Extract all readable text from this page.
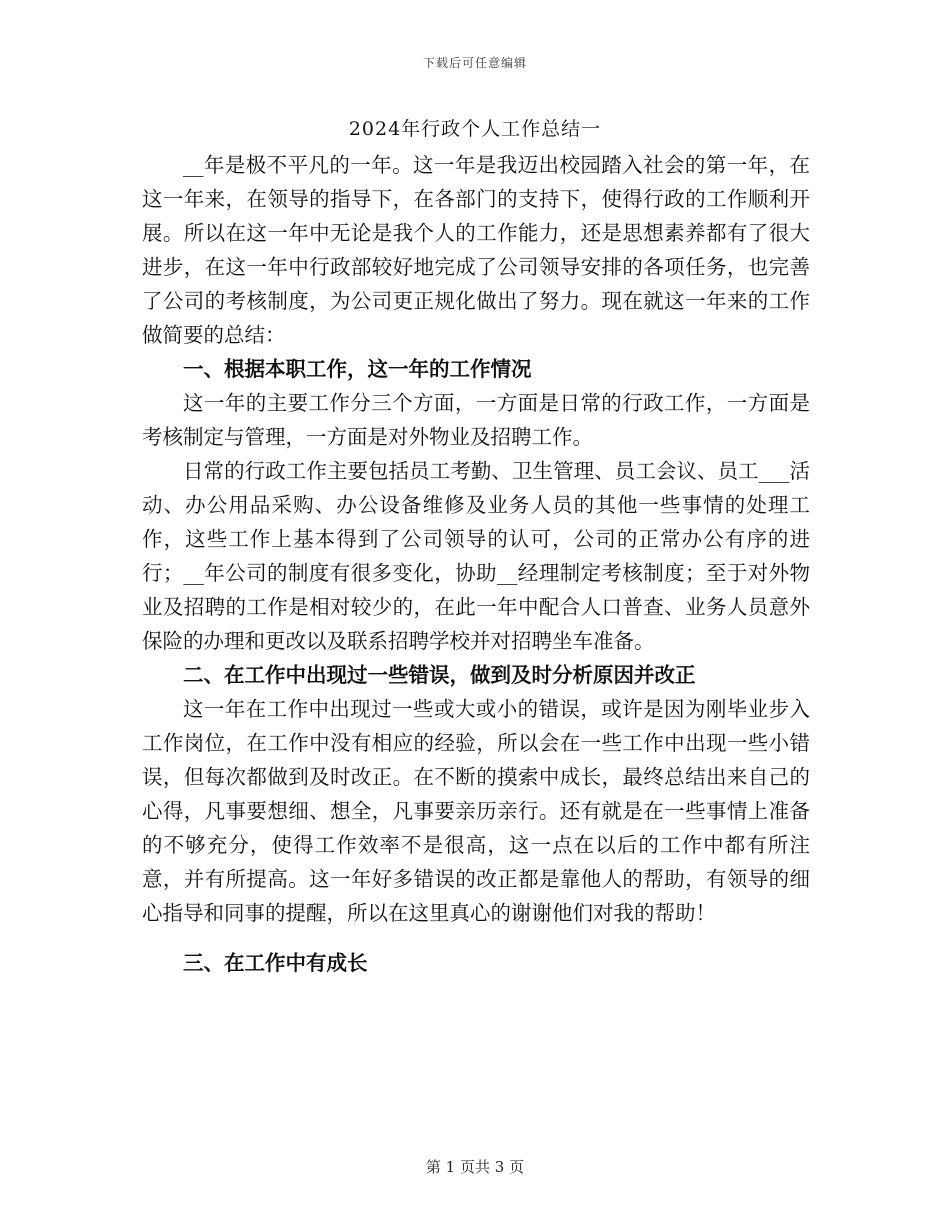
下载后可任意编辑
2024年行政个人工作总结一

__年是极不平凡的一年。这一年是我迈出校园踏入社会的第一年，在这一年来，在领导的指导下，在各部门的支持下，使得行政的工作顺利开展。所以在这一年中无论是我个人的工作能力，还是思想素养都有了很大进步，在这一年中行政部较好地完成了公司领导安排的各项任务，也完善了公司的考核制度，为公司更正规化做出了努力。现在就这一年来的工作做简要的总结：

一、根据本职工作，这一年的工作情况

这一年的主要工作分三个方面，一方面是日常的行政工作，一方面是考核制定与管理，一方面是对外物业及招聘工作。

日常的行政工作主要包括员工考勤、卫生管理、员工会议、员工___活动、办公用品采购、办公设备维修及业务人员的其他一些事情的处理工作，这些工作上基本得到了公司领导的认可，公司的正常办公有序的进行；__年公司的制度有很多变化，协助__经理制定考核制度；至于对外物业及招聘的工作是相对较少的，在此一年中配合人口普查、业务人员意外保险的办理和更改以及联系招聘学校并对招聘坐车准备。

二、在工作中出现过一些错误，做到及时分析原因并改正

这一年在工作中出现过一些或大或小的错误，或许是因为刚毕业步入工作岗位，在工作中没有相应的经验，所以会在一些工作中出现一些小错误，但每次都做到及时改正。在不断的摸索中成长，最终总结出来自己的心得，凡事要想细、想全，凡事要亲历亲行。还有就是在一些事情上准备的不够充分，使得工作效率不是很高，这一点在以后的工作中都有所注意，并有所提高。这一年好多错误的改正都是靠他人的帮助，有领导的细心指导和同事的提醒，所以在这里真心的谢谢他们对我的帮助！

三、在工作中有成长

第 1 页共 3 页
